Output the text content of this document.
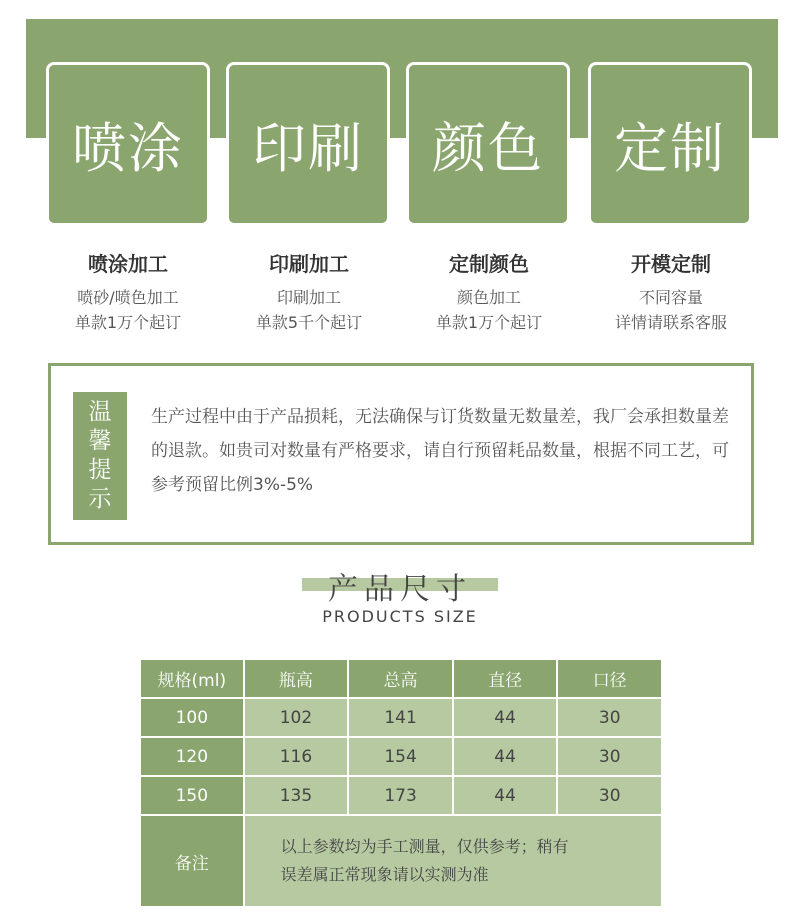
喷涂 印刷 颜色 定制
喷涂加工
喷砂/喷色加工
单款1万个起订
印刷加工
印刷加工
单款5千个起订
定制颜色
颜色加工
单款1万个起订
开模定制
不同容量
详情请联系客服
温
馨
提
示
生产过程中由于产品损耗，无法确保与订货数量无数量差，我厂会承担数量差的退款。如贵司对数量有严格要求，请自行预留耗品数量，根据不同工艺，可参考预留比例3%-5%
产品尺寸
PRODUCTS SIZE
规格(ml)	瓶高	总高	直径	口径
100	102	141	44	30
120	116	154	44	30
150	135	173	44	30
备注	以上参数均为手工测量，仅供参考；稍有
误差属正常现象请以实测为准			
